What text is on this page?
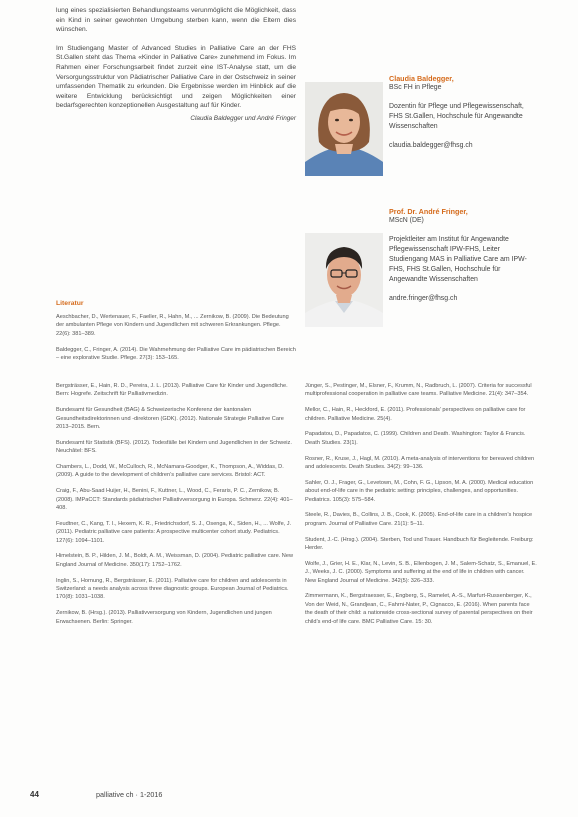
lung eines spezialisierten Behandlungsteams verunmöglicht die Möglichkeit, dass ein Kind in seiner gewohnten Umgebung sterben kann, wenn die Eltern dies wünschen.

Im Studiengang Master of Advanced Studies in Palliative Care an der FHS St.Gallen steht das Thema «Kinder in Palliative Care» zunehmend im Fokus. Im Rahmen einer Forschungsarbeit findet zurzeit eine IST-Analyse statt, um die Versorgungsstruktur von Pädiatrischer Palliative Care in der Ostschweiz in seiner umfassenden Thematik zu erkunden. Die Ergebnisse werden im Hinblick auf die weitere Entwicklung berücksichtigt und zeigen Möglichkeiten einer bedarfsgerechten konzeptionellen Ausgestaltung auf für Kinder.

Claudia Baldegger und André Fringer
Claudia Baldegger,
BSc FH in Pflege
Dozentin für Pflege und Pflegewissenschaft,
FHS St.Gallen, Hochschule für Angewandte Wissenschaften
claudia.baldegger@fhsg.ch
Prof. Dr. André Fringer,
MScN (DE)
Projektleiter am Institut für Angewandte Pflegewissenschaft IPW-FHS, Leiter Studiengang MAS in Palliative Care am IPW-FHS, FHS St.Gallen, Hochschule für Angewandte Wissenschaften
andre.fringer@fhsg.ch
Literatur
Aeschbacher, D., Wertenauer, F., Faeller, R., Hahn, M., ... Zernikow, B. (2009). Die Bedeutung der ambulanten Pflege von Kindern und Jugendlichen mit schweren Erkrankungen. Pflege. 22(6): 381–389.
Baldegger, C., Fringer, A. (2014). Die Wahrnehmung der Palliative Care im pädiatrischen Bereich – eine explorative Studie. Pflege. 27(3): 153–165.
Bergsträsser, E., Hain, R. D., Pereira, J. L. (2013). Palliative Care für Kinder und Jugendliche. Bern: Hogrefe. Zeitschrift für Palliativmedizin.
Bundesamt für Gesundheit (BAG) & Schweizerische Konferenz der kantonalen Gesundheitsdirektorinnen und -direktoren (GDK). (2012). Nationale Strategie Palliative Care 2013–2015. Bern.
Bundesamt für Statistik (BFS). (2012). Todesfälle bei Kindern und Jugendlichen in der Schweiz. Neuchâtel: BFS.
Chambers, L., Dodd, W., McCulloch, R., McNamara-Goodger, K., Thompson, A., Widdas, D. (2009). A guide to the development of children’s palliative care services. Bristol: ACT.
Craig, F., Abu-Saad Huijer, H., Benini, F., Kuttner, L., Wood, C., Feraris, P. C., Zernikow, B. (2008). IMPaCCT: Standards pädiatrischer Palliativversorgung in Europa. Schmerz. 22(4): 401–408.
Feudtner, C., Kang, T. I., Hexem, K. R., Friedrichsdorf, S. J., Osenga, K., Siden, H., ... Wolfe, J. (2011). Pediatric palliative care patients: A prospective multicenter cohort study. Pediatrics. 127(6): 1094–1101.
Himelstein, B. P., Hilden, J. M., Boldt, A. M., Weissman, D. (2004). Pediatric palliative care. New England Journal of Medicine. 350(17): 1752–1762.
Inglin, S., Hornung, R., Bergsträsser, E. (2011). Palliative care for children and adolescents in Switzerland: a needs analysis across three diagnostic groups. European Journal of Pediatrics. 170(8): 1031–1038.
Zernikow, B. (Hrsg.). (2013). Palliativversorgung von Kindern, Jugendlichen und jungen Erwachsenen. Berlin: Springer.
Jünger, S., Pestinger, M., Elsner, F., Krumm, N., Radbruch, L. (2007). Criteria for successful multiprofessional cooperation in palliative care teams. Palliative Medicine. 21(4): 347–354.
Mellor, C., Hain, R., Heckford, E. (2011). Professionals’ perspectives on palliative care for children. Palliative Medicine. 25(4).
Papadatou, D., Papadatos, C. (1999). Children and Death. Washington: Taylor & Francis. Death Studies. 23(1).
Rosner, R., Kruse, J., Hagl, M. (2010). A meta-analysis of interventions for bereaved children and adolescents. Death Studies. 34(2): 99–136.
Sahler, O. J., Frager, G., Levetown, M., Cohn, F. G., Lipson, M. A. (2000). Medical education about end-of-life care in the pediatric setting: principles, challenges, and opportunities. Pediatrics. 105(3): 575–584.
Steele, R., Davies, B., Collins, J. B., Cook, K. (2005). End-of-life care in a children’s hospice program. Journal of Palliative Care. 21(1): 5–11.
Student, J.-C. (Hrsg.). (2004). Sterben, Tod und Trauer. Handbuch für Begleitende. Freiburg: Herder.
Wolfe, J., Grier, H. E., Klar, N., Levin, S. B., Ellenbogen, J. M., Salem-Schatz, S., Emanuel, E. J., Weeks, J. C. (2000). Symptoms and suffering at the end of life in children with cancer. New England Journal of Medicine. 342(5): 326–333.
Zimmermann, K., Bergstraesser, E., Engberg, S., Ramelet, A.-S., Marfurt-Russenberger, K., Von der Weid, N., Grandjean, C., Fahrni-Nater, P., Cignacco, E. (2016). When parents face the death of their child: a nationwide cross-sectional survey of parental perspectives on their child’s end-of life care. BMC Palliative Care. 15: 30.
44	palliative ch · 1-2016
